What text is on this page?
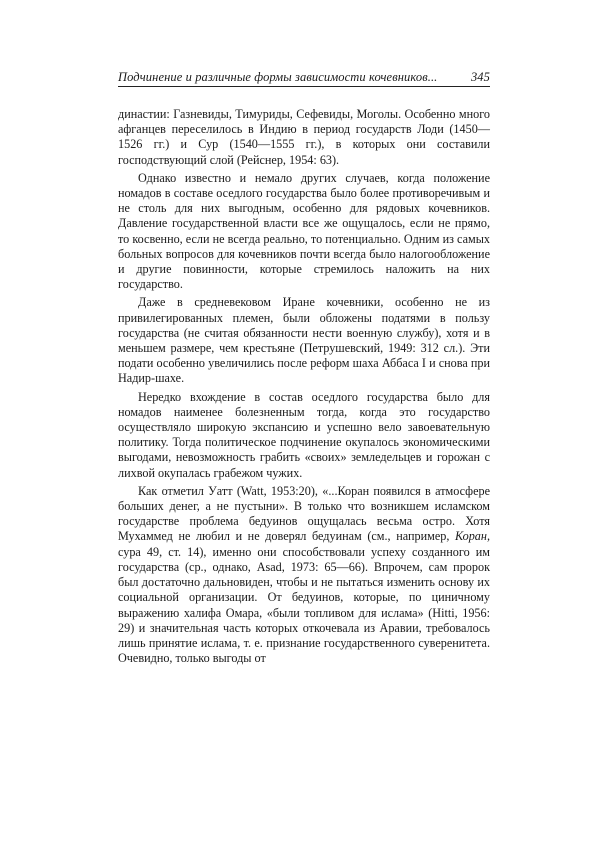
Подчинение и различные формы зависимости кочевников...	345

династии: Газневиды, Тимуриды, Сефевиды, Моголы. Особенно много афганцев переселилось в Индию в период государств Лоди (1450—1526 гг.) и Сур (1540—1555 гг.), в которых они составили господствующий слой (Рейснер, 1954: 63).

Однако известно и немало других случаев, когда положение номадов в составе оседлого государства было более противоречивым и не столь для них выгодным, особенно для рядовых кочевников. Давление государственной власти все же ощущалось, если не прямо, то косвенно, если не всегда реально, то потенциально. Одним из самых больных вопросов для кочевников почти всегда было налогообложение и другие повинности, которые стремилось наложить на них государство.

Даже в средневековом Иране кочевники, особенно не из привилегированных племен, были обложены податями в пользу государства (не считая обязанности нести военную службу), хотя и в меньшем размере, чем крестьяне (Петрушевский, 1949: 312 сл.). Эти подати особенно увеличились после реформ шаха Аббаса I и снова при Надир-шахе.

Нередко вхождение в состав оседлого государства было для номадов наименее болезненным тогда, когда это государство осуществляло широкую экспансию и успешно вело завоевательную политику. Тогда политическое подчинение окупалось экономическими выгодами, невозможность грабить «своих» земледельцев и горожан с лихвой окупалась грабежом чужих.

Как отметил Уатт (Watt, 1953:20), «...Коран появился в атмосфере больших денег, а не пустыни». В только что возникшем исламском государстве проблема бедуинов ощущалась весьма остро. Хотя Мухаммед не любил и не доверял бедуинам (см., например, Коран, сура 49, ст. 14), именно они способствовали успеху созданного им государства (ср., однако, Asad, 1973: 65—66). Впрочем, сам пророк был достаточно дальновиден, чтобы и не пытаться изменить основу их социальной организации. От бедуинов, которые, по циничному выражению халифа Омара, «были топливом для ислама» (Hitti, 1956: 29) и значительная часть которых откочевала из Аравии, требовалось лишь принятие ислама, т. е. признание государственного суверенитета. Очевидно, только выгоды от
